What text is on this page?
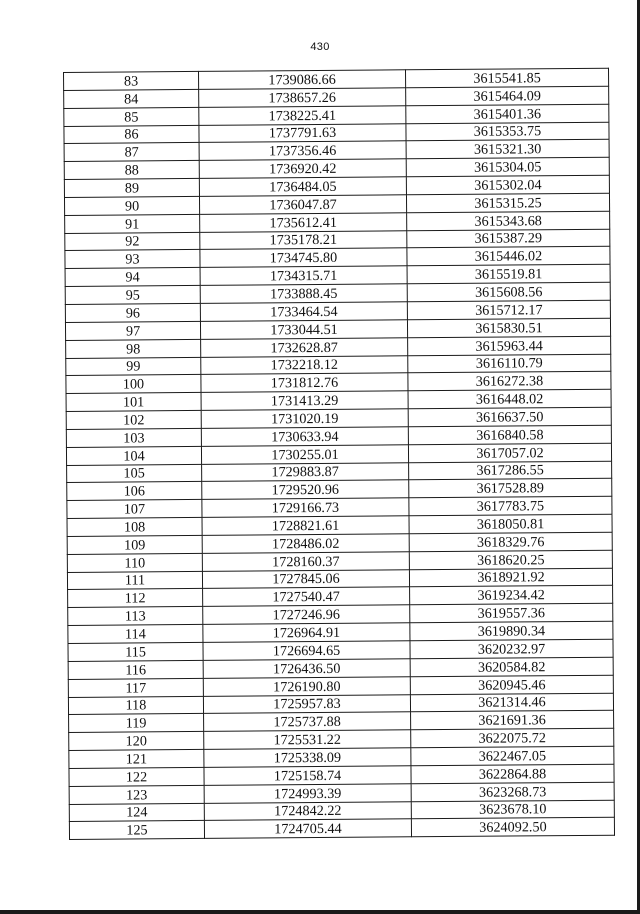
430
83	1739086.66	3615541.85
84	1738657.26	3615464.09
85	1738225.41	3615401.36
86	1737791.63	3615353.75
87	1737356.46	3615321.30
88	1736920.42	3615304.05
89	1736484.05	3615302.04
90	1736047.87	3615315.25
91	1735612.41	3615343.68
92	1735178.21	3615387.29
93	1734745.80	3615446.02
94	1734315.71	3615519.81
95	1733888.45	3615608.56
96	1733464.54	3615712.17
97	1733044.51	3615830.51
98	1732628.87	3615963.44
99	1732218.12	3616110.79
100	1731812.76	3616272.38
101	1731413.29	3616448.02
102	1731020.19	3616637.50
103	1730633.94	3616840.58
104	1730255.01	3617057.02
105	1729883.87	3617286.55
106	1729520.96	3617528.89
107	1729166.73	3617783.75
108	1728821.61	3618050.81
109	1728486.02	3618329.76
110	1728160.37	3618620.25
111	1727845.06	3618921.92
112	1727540.47	3619234.42
113	1727246.96	3619557.36
114	1726964.91	3619890.34
115	1726694.65	3620232.97
116	1726436.50	3620584.82
117	1726190.80	3620945.46
118	1725957.83	3621314.46
119	1725737.88	3621691.36
120	1725531.22	3622075.72
121	1725338.09	3622467.05
122	1725158.74	3622864.88
123	1724993.39	3623268.73
124	1724842.22	3623678.10
125	1724705.44	3624092.50
